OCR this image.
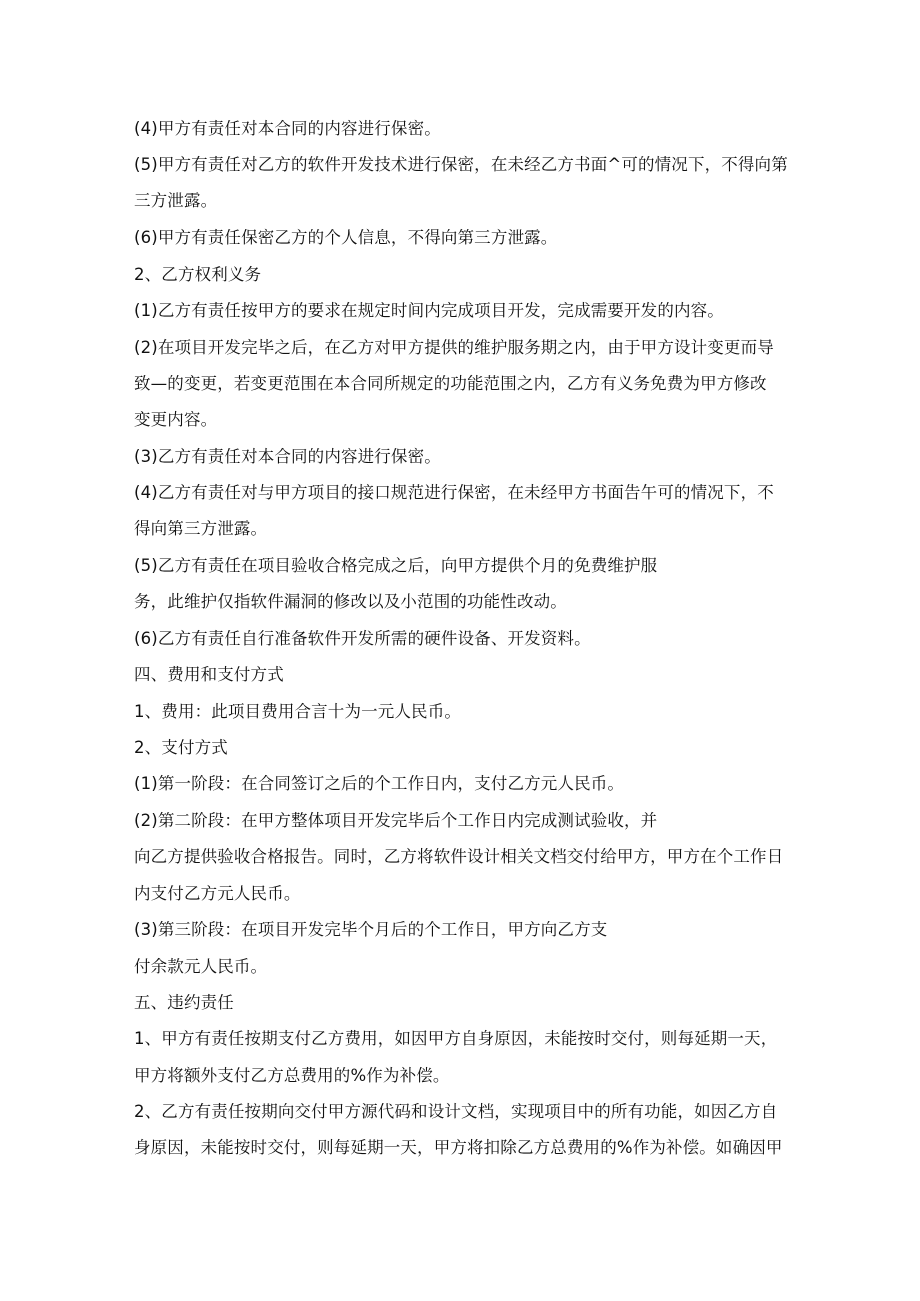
(4)甲方有责任对本合同的内容进行保密。
(5)甲方有责任对乙方的软件开发技术进行保密，在未经乙方书面^可的情况下，不得向第
三方泄露。
(6)甲方有责任保密乙方的个人信息，不得向第三方泄露。
2、乙方权利义务
(1)乙方有责任按甲方的要求在规定时间内完成项目开发，完成需要开发的内容。
(2)在项目开发完毕之后，在乙方对甲方提供的维护服务期之内，由于甲方设计变更而导
致—的变更，若变更范围在本合同所规定的功能范围之内，乙方有义务免费为甲方修改
变更内容。
(3)乙方有责任对本合同的内容进行保密。
(4)乙方有责任对与甲方项目的接口规范进行保密，在未经甲方书面告午可的情况下，不
得向第三方泄露。
(5)乙方有责任在项目验收合格完成之后，向甲方提供个月的免费维护服
务，此维护仅指软件漏洞的修改以及小范围的功能性改动。
(6)乙方有责任自行准备软件开发所需的硬件设备、开发资料。
四、费用和支付方式
1、费用：此项目费用合言十为一元人民币。
2、支付方式
(1)第一阶段：在合同签订之后的个工作日内，支付乙方元人民币。
(2)第二阶段：在甲方整体项目开发完毕后个工作日内完成测试验收，并
向乙方提供验收合格报告。同时，乙方将软件设计相关文档交付给甲方，甲方在个工作日
内支付乙方元人民币。
(3)第三阶段：在项目开发完毕个月后的个工作日，甲方向乙方支
付余款元人民币。
五、违约责任
1、甲方有责任按期支付乙方费用，如因甲方自身原因，未能按时交付，则每延期一天，
甲方将额外支付乙方总费用的%作为补偿。
2、乙方有责任按期向交付甲方源代码和设计文档，实现项目中的所有功能，如因乙方自
身原因，未能按时交付，则每延期一天，甲方将扣除乙方总费用的%作为补偿。如确因甲
